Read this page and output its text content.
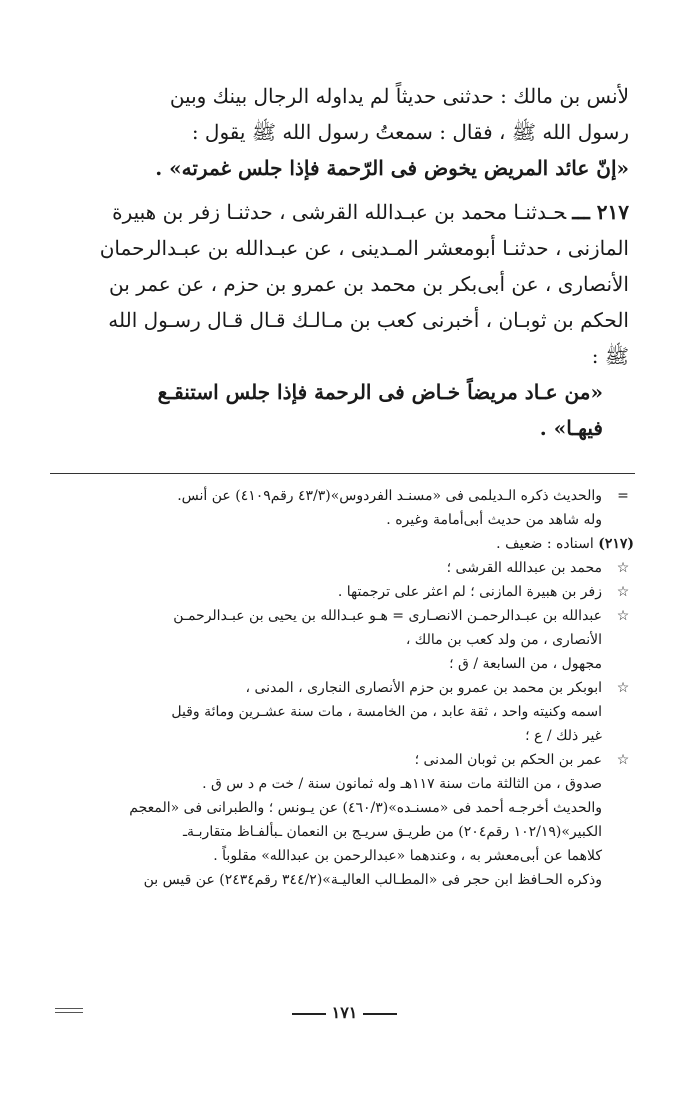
لأنس بن مالك : حدثنى حديثاً لم يداوله الرجال بينك وبين
رسول الله ﷺ ، فقال : سمعتُ رسول الله ﷺ يقول :
«إنّ عائد المريض يخوض فى الرّحمة فإذا جلس غمرته» .
٢١٧ ـــحـدثنـا محمد بن عبـدالله القرشى ، حدثنـا زفر بن هبيرة
المازنى ، حدثنـا أبومعشر المـدينى ، عن عبـدالله بن عبـدالرحمان
الأنصارى ، عن أبى‌بكر بن محمد بن عمرو بن حزم ، عن عمر بن
الحكم بن ثوبـان ، أخبرنى كعب بن مـالـك قـال قـال رسـول الله
ﷺ :
«من عـاد مريضاً خـاض فى الرحمة فإذا جلس استنقـع
فيهـا» .
=والحديث ذكره الـديلمى فى «مسنـد الفردوس»(٤٣/٣ رقم٤١٠٩) عن أنس.
وله شاهد من حديث أبى‌أمامة وغيره .
(٢١٧) اسناده : ضعيف .
☆محمد بن عبدالله القرشى ؛
☆زفر بن هبيرة المازنى ؛ لم اعثر على ترجمتها .
☆عبدالله بن عبـدالرحمـن الانصـارى = هـو عبـدالله بن يحيى بن عبـدالرحمـن
الأنصارى ، من ولد كعب بن مالك ،
مجهول ، من السابعة / ق ؛
☆ابوبكر بن محمد بن عمرو بن حزم الأنصارى النجارى ، المدنى ،
اسمه وكنيته واحد ، ثقة عابد ، من الخامسة ، مات سنة عشـرين ومائة وقيل
غير ذلك / ع ؛
☆عمر بن الحكم بن ثوبان المدنى ؛
صدوق ، من الثالثة مات سنة ١١٧هـ وله ثمانون سنة / خت م د س ق .
والحديث أخرجـه أحمد فى «مسنـده»(٤٦٠/٣) عن يـونس ؛ والطبرانى فى «المعجم
الكبير»(١٠٢/١٩ رقم٢٠٤) من طريـق سريـج بن النعمان ـبألفـاظ متقاربـةـ
كلاهما عن أبى‌معشر به ، وعندهما «عبدالرحمن بن عبدالله» مقلوباً .
وذكره الحـافظ ابن حجر فى «المطـالب العاليـة»(٣٤٤/٢ رقم٢٤٣٤) عن قيس بن
١٧١
